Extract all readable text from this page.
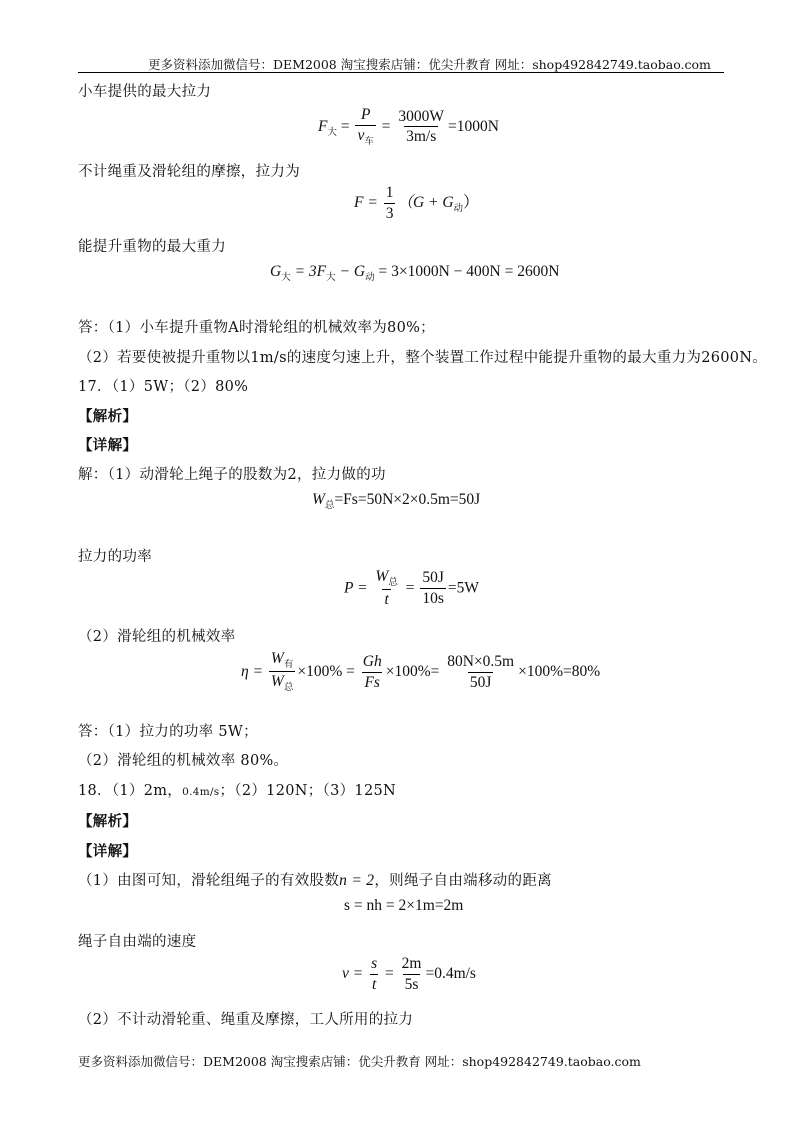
更多资料添加微信号：DEM2008 淘宝搜索店铺：优尖升教育 网址：shop492842749.taobao.com
小车提供的最大拉力
$F_大 = \frac{P}{v_车} = \frac{3000W}{3m/s} =1000N$
不计绳重及滑轮组的摩擦，拉力为
$F = \frac{1}{3} (G + G_动)$
能提升重物的最大重力
$G_大 = 3F_大 - G_动 = 3\times 1000N - 400N = 2600N$
答：（1）小车提升重物A时滑轮组的机械效率为80%；
（2）若要使被提升重物以1m/s的速度匀速上升，整个装置工作过程中能提升重物的最大重力为2600N。
17．（1）5W；（2）80%
【解析】
【详解】
解：（1）动滑轮上绳子的股数为2，拉力做的功
$W_总=Fs=50N\times 2\times 0.5m=50J$
拉力的功率
$P = \frac{W_总}{t} = \frac{50J}{10s} =5W$
（2）滑轮组的机械效率
$\eta = \frac{W_有}{W_总} \times 100\% = \frac{Gh}{Fs} \times 100\%= \frac{80N\times 0.5m}{50J} \times 100\%=80\%$
答：（1）拉力的功率 5W；
（2）滑轮组的机械效率 80%。
18．（1）2m，0.4m/s；（2）120N；（3）125N
【解析】
【详解】
（1）由图可知，滑轮组绳子的有效股数n = 2，则绳子自由端移动的距离
s = nh = 2×1m=2m
绳子自由端的速度
$v = \frac{s}{t} = \frac{2m}{5s} =0.4m/s$
（2）不计动滑轮重、绳重及摩擦，工人所用的拉力
更多资料添加微信号：DEM2008 淘宝搜索店铺：优尖升教育 网址：shop492842749.taobao.com
